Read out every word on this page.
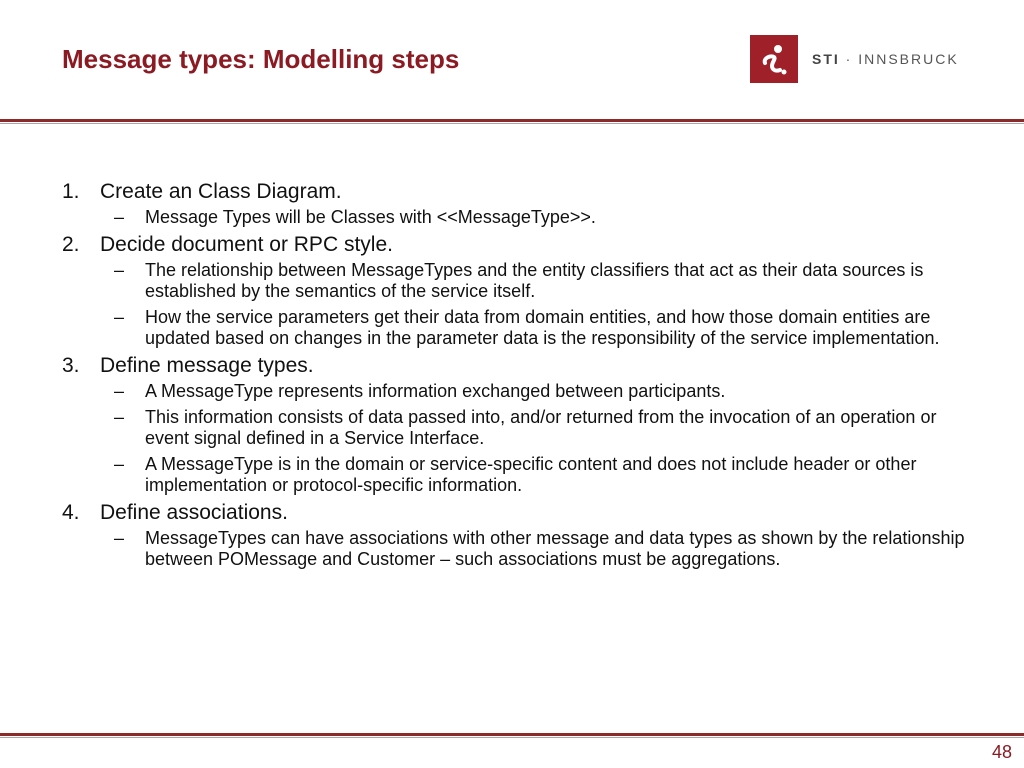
Message types: Modelling steps	STI · INNSBRUCK
1. Create an Class Diagram.
–	Message Types will be Classes with <<MessageType>>.
2. Decide document or RPC style.
–	The relationship between MessageTypes and the entity classifiers that act as their data sources is established by the semantics of the service itself.
–	How the service parameters get their data from domain entities, and how those domain entities are updated based on changes in the parameter data is the responsibility of the service implementation.
3. Define message types.
–	A MessageType represents information exchanged between participants.
–	This information consists of data passed into, and/or returned from the invocation of an operation or event signal defined in a Service Interface.
–	A MessageType is in the domain or service-specific content and does not include header or other implementation or protocol-specific information.
4. Define associations.
–	MessageTypes can have associations with other message and data types as shown by the relationship between POMessage and Customer – such associations must be aggregations.
48
